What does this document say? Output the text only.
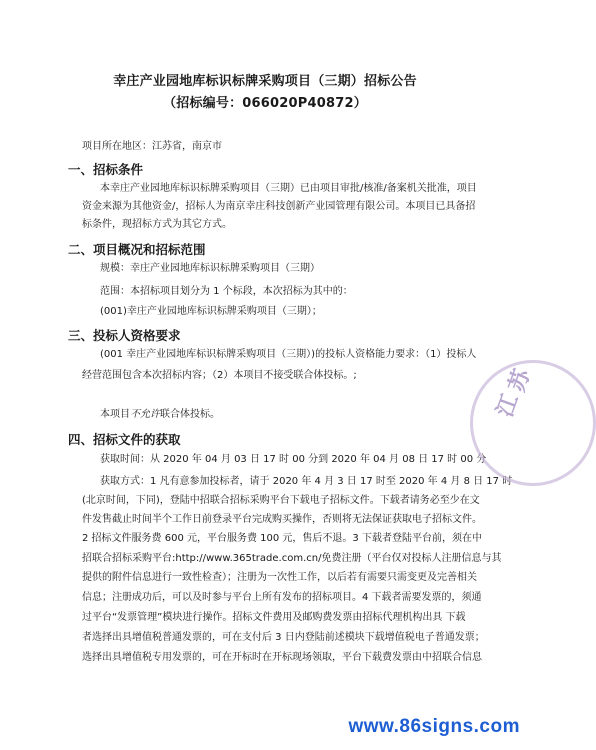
幸庄产业园地库标识标牌采购项目（三期）招标公告
（招标编号：066020P40872）
项目所在地区：江苏省，南京市
一、招标条件
本幸庄产业园地库标识标牌采购项目（三期）已由项目审批/核准/备案机关批准，项目
资金来源为其他资金/，招标人为南京幸庄科技创新产业园管理有限公司。本项目已具备招
标条件，现招标方式为其它方式。
二、项目概况和招标范围
规模：幸庄产业园地库标识标牌采购项目（三期）
范围：本招标项目划分为 1 个标段，本次招标为其中的：
(001)幸庄产业园地库标识标牌采购项目（三期）；
三、投标人资格要求
(001 幸庄产业园地库标识标牌采购项目（三期）)的投标人资格能力要求：（1）投标人
经营范围包含本次招标内容；（2）本项目不接受联合体投标。;
本项目不允许联合体投标。
四、招标文件的获取
获取时间：从 2020 年 04 月 03 日 17 时 00 分到 2020 年 04 月 08 日 17 时 00 分
获取方式：1 凡有意参加投标者，请于 2020 年 4 月 3 日 17 时至 2020 年 4 月 8 日 17 时
(北京时间，下同)，登陆中招联合招标采购平台下载电子招标文件。下载者请务必至少在文
件发售截止时间半个工作日前登录平台完成购买操作，否则将无法保证获取电子招标文件。
2 招标文件服务费 600 元，平台服务费 100 元，售后不退。3 下载者登陆平台前，须在中
招联合招标采购平台:http://www.365trade.com.cn/免费注册（平台仅对投标人注册信息与其
提供的附件信息进行一致性检查）；注册为一次性工作，以后若有需要只需变更及完善相关
信息；注册成功后，可以及时参与平台上所有发布的招标项目。4 下载者需要发票的，须通
过平台“发票管理”模块进行操作。招标文件费用及邮购费发票由招标代理机构出具 下载
者选择出具增值税普通发票的，可在支付后 3 日内登陆前述模块下载增值税电子普通发票；
选择出具增值税专用发票的，可在开标时在开标现场领取，平台下载费发票由中招联合信息
江
苏
www.86signs.com
